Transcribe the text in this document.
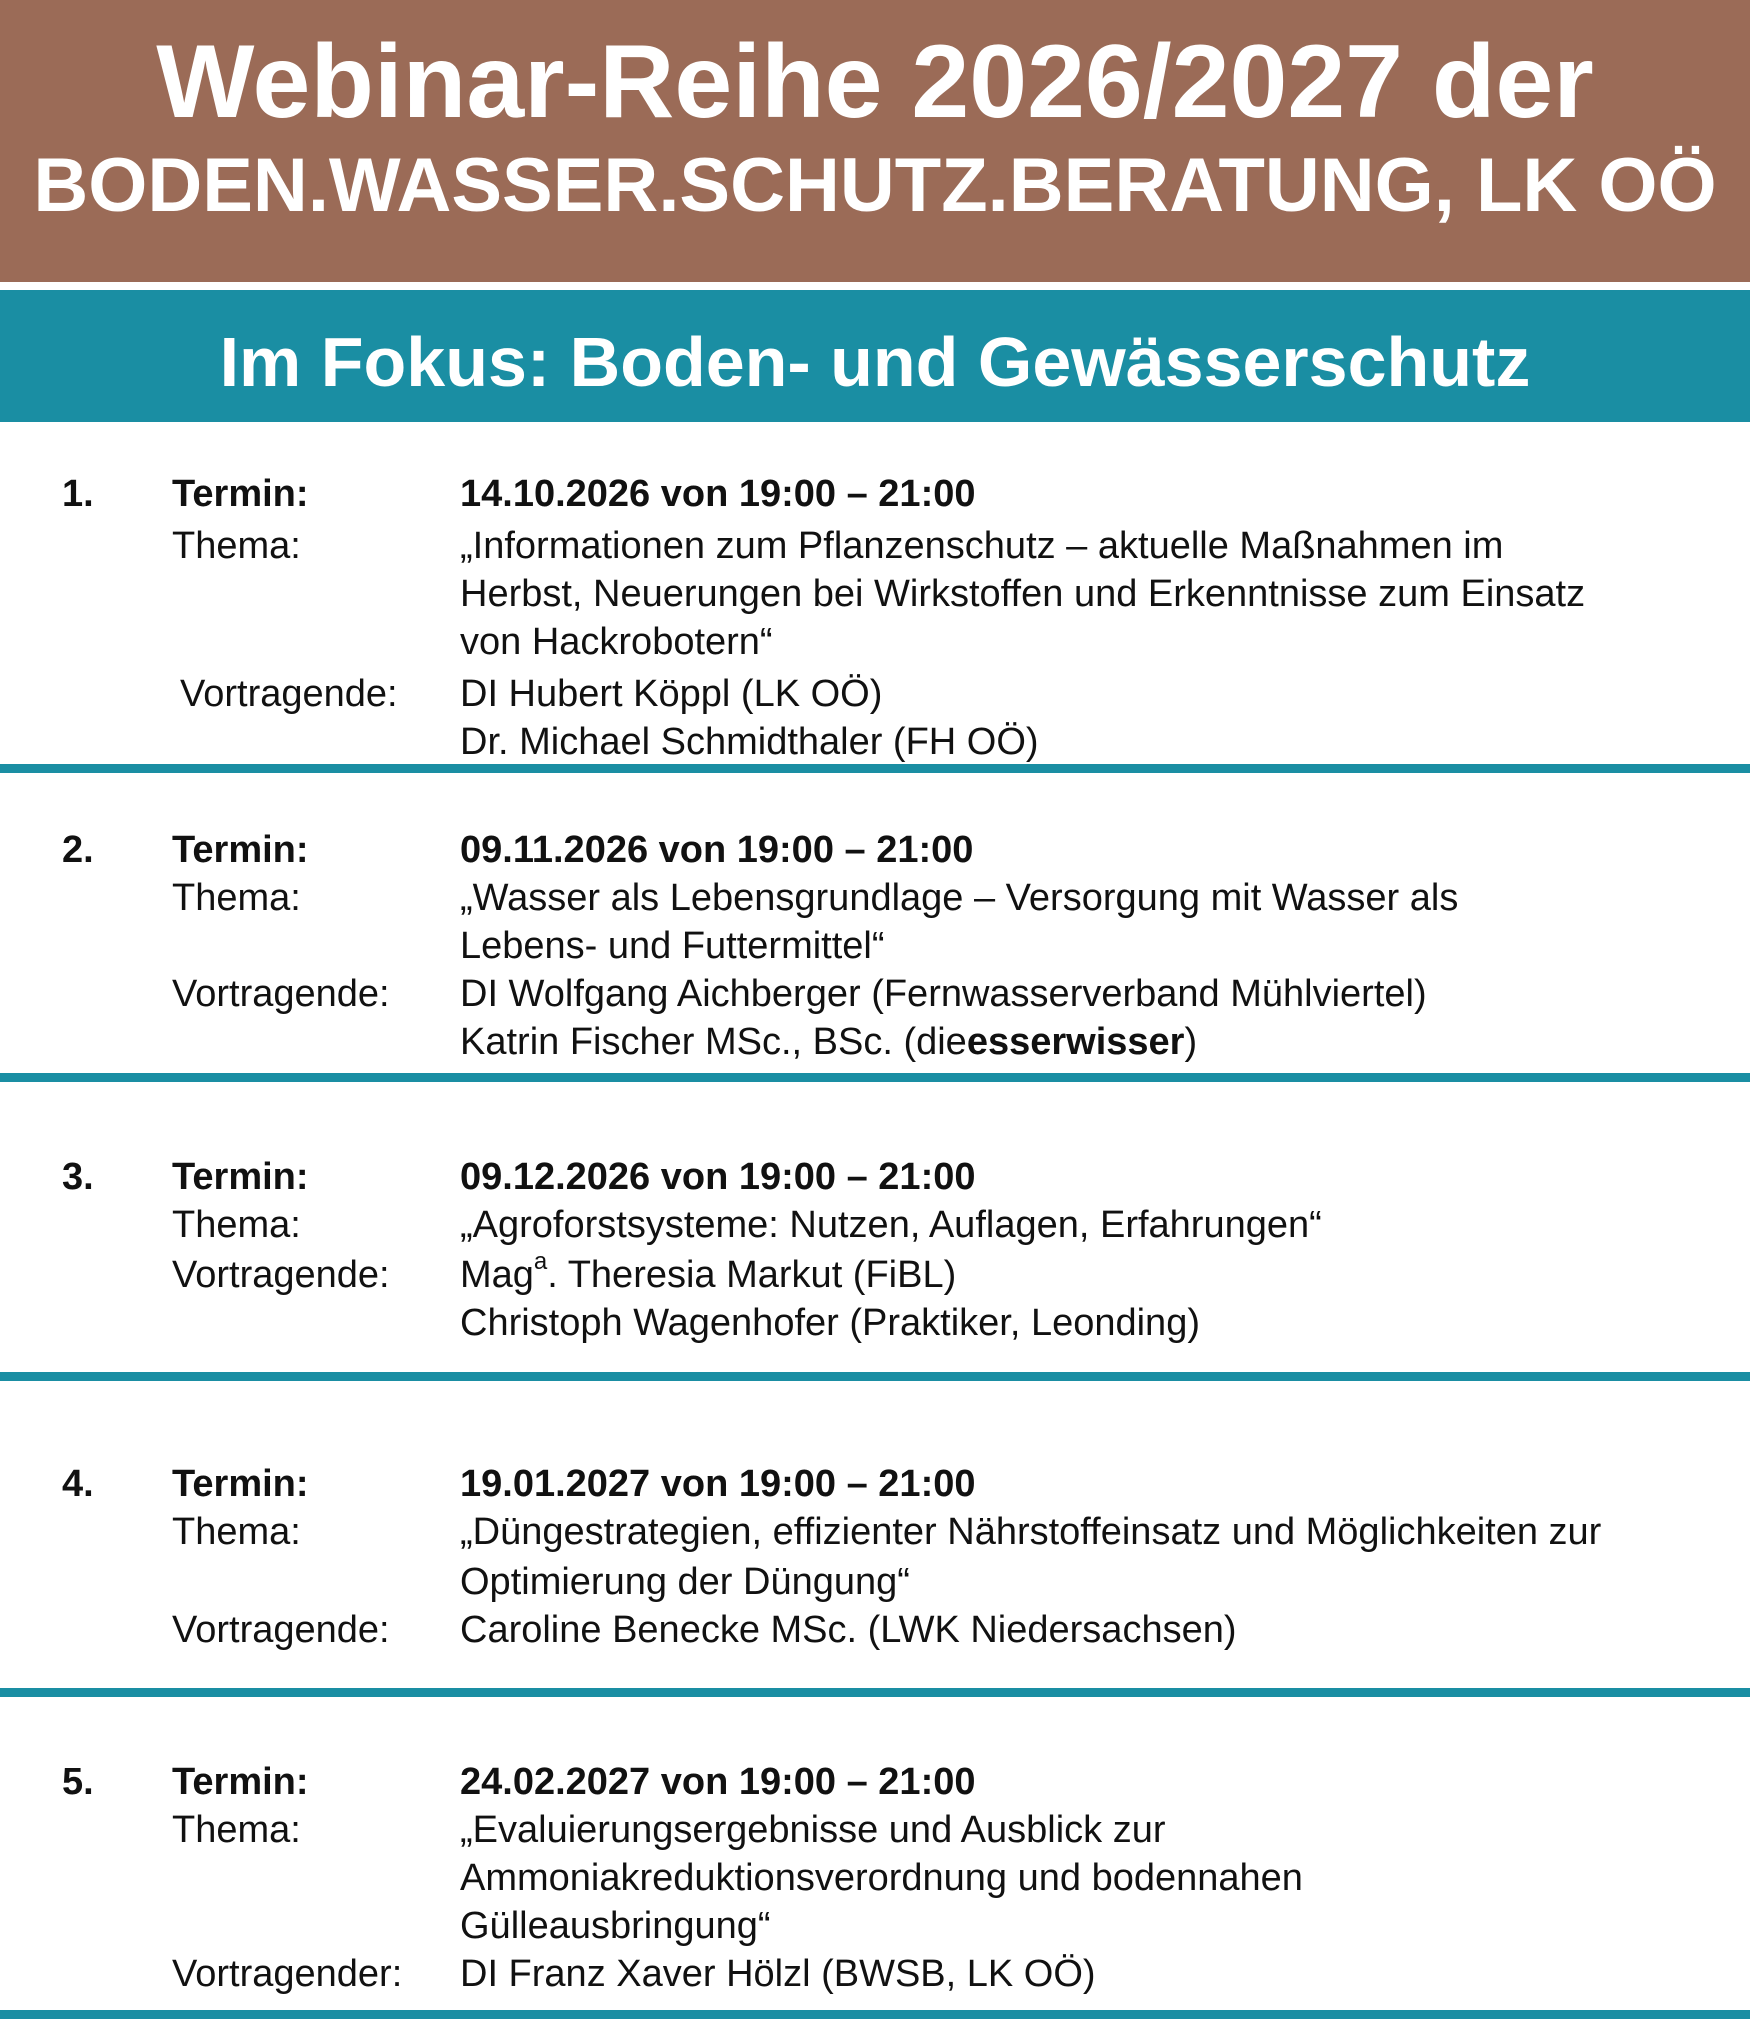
Webinar-Reihe 2026/2027 der
BODEN.WASSER.SCHUTZ.BERATUNG, LK OÖ
Im Fokus: Boden- und Gewässerschutz
1. Termin:	14.10.2026 von 19:00 – 21:00
Thema:	„Informationen zum Pflanzenschutz – aktuelle Maßnahmen im
Herbst, Neuerungen bei Wirkstoffen und Erkenntnisse zum Einsatz
von Hackrobotern“
Vortragende: DI Hubert Köppl (LK OÖ)
Dr. Michael Schmidthaler (FH OÖ)
2. Termin:	09.11.2026 von 19:00 – 21:00
Thema:	„Wasser als Lebensgrundlage – Versorgung mit Wasser als
Lebens- und Futtermittel“
Vortragende: DI Wolfgang Aichberger (Fernwasserverband Mühlviertel)
Katrin Fischer MSc., BSc. (dieesserwisser)
3. Termin:	09.12.2026 von 19:00 – 21:00
Thema:	„Agroforstsysteme: Nutzen, Auflagen, Erfahrungen“
Vortragende: Mag$^a$. Theresia Markut (FiBL)
Christoph Wagenhofer (Praktiker, Leonding)
4. Termin:	19.01.2027 von 19:00 – 21:00
Thema:	„Düngestrategien, effizienter Nährstoffeinsatz und Möglichkeiten zur
Optimierung der Düngung“
Vortragende: Caroline Benecke MSc. (LWK Niedersachsen)
5. Termin:	24.02.2027 von 19:00 – 21:00
Thema:	„Evaluierungsergebnisse und Ausblick zur
Ammoniakreduktionsverordnung und bodennahen
Gülleausbringung“
Vortragender: DI Franz Xaver Hölzl (BWSB, LK OÖ)
